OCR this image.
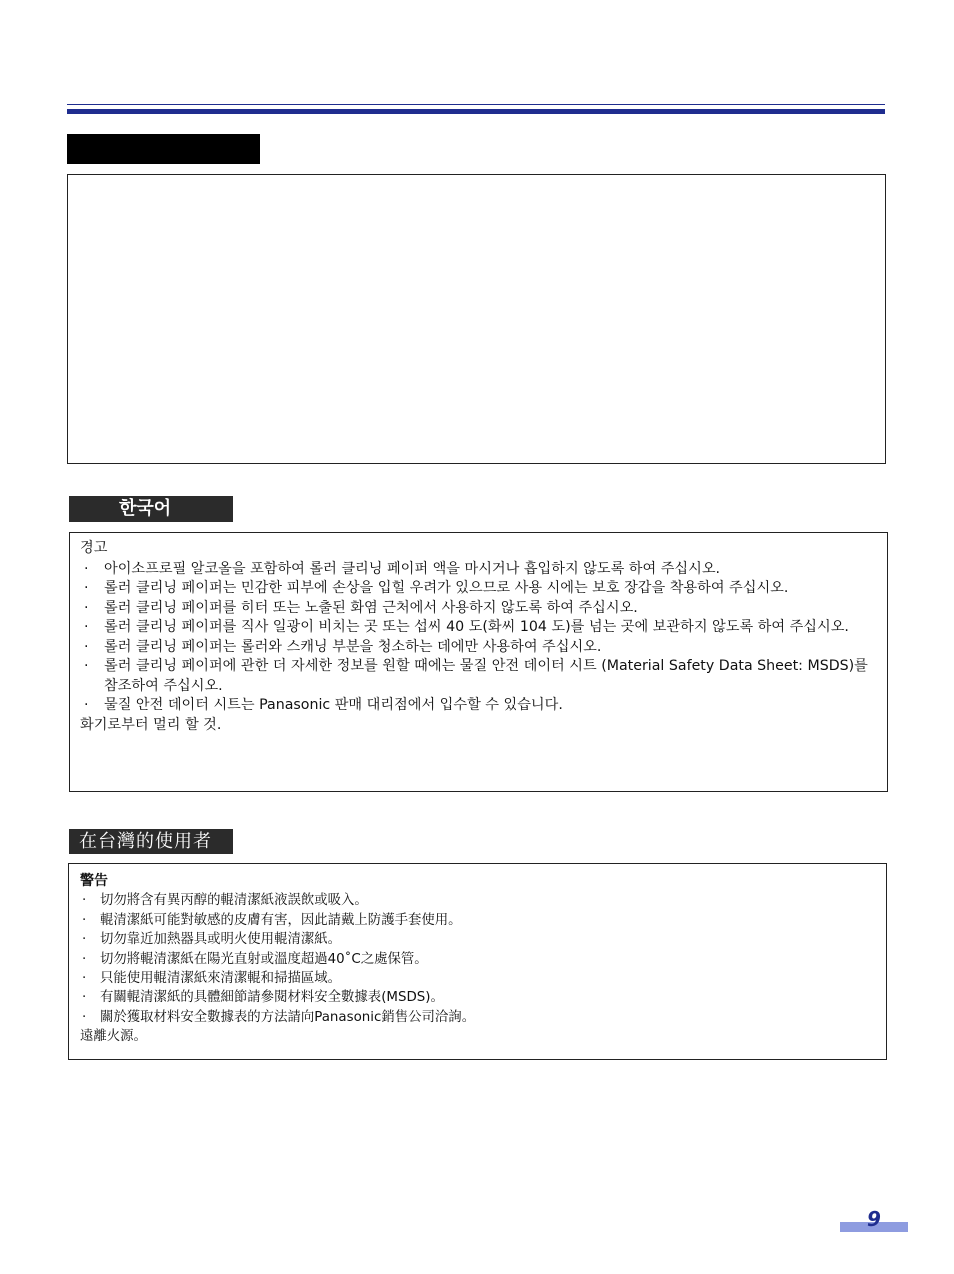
한국어
경고
· 아이소프로필 알코올을 포함하여 롤러 클리닝 페이퍼 액을 마시거나 흡입하지 않도록 하여 주십시오.
· 롤러 클리닝 페이퍼는 민감한 피부에 손상을 입힐 우려가 있으므로 사용 시에는 보호 장갑을 착용하여 주십시오.
· 롤러 클리닝 페이퍼를 히터 또는 노출된 화염 근처에서 사용하지 않도록 하여 주십시오.
· 롤러 클리닝 페이퍼를 직사 일광이 비치는 곳 또는 섭씨 40 도(화씨 104 도)를 넘는 곳에 보관하지 않도록 하여 주십시오.
· 롤러 클리닝 페이퍼는 롤러와 스캐닝 부분을 청소하는 데에만 사용하여 주십시오.
· 롤러 클리닝 페이퍼에 관한 더 자세한 정보를 원할 때에는 물질 안전 데이터 시트 (Material Safety Data Sheet: MSDS)를 참조하여 주십시오.
· 물질 안전 데이터 시트는 Panasonic 판매 대리점에서 입수할 수 있습니다.
화기로부터 멀리 할 것.
在台灣的使用者
警告
· 切勿將含有異丙醇的輥清潔紙液誤飲或吸入。
· 輥清潔紙可能對敏感的皮膚有害，因此請戴上防護手套使用。
· 切勿靠近加熱器具或明火使用輥清潔紙。
· 切勿將輥清潔紙在陽光直射或溫度超過40˚C之處保管。
· 只能使用輥清潔紙來清潔輥和掃描區域。
· 有關輥清潔紙的具體細節請參閱材料安全數據表(MSDS)。
· 關於獲取材料安全數據表的方法請向Panasonic銷售公司洽詢。
遠離火源。
9
